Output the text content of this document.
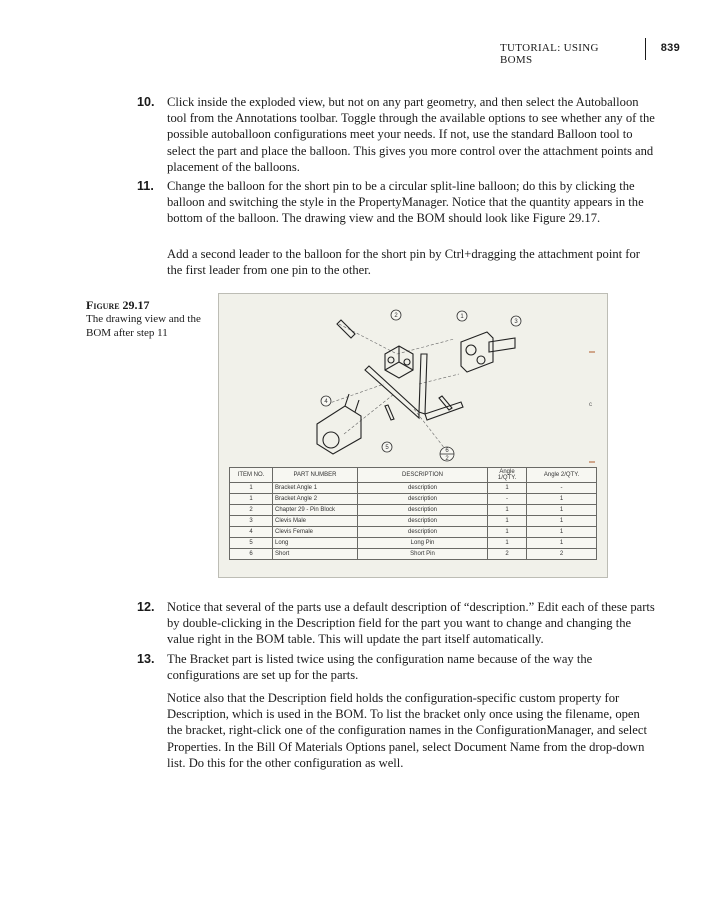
TUTORIAL: USING BOMS
839
10. Click inside the exploded view, but not on any part geometry, and then select the Autoballoon tool from the Annotations toolbar. Toggle through the available options to see whether any of the possible autoballoon configurations meet your needs. If not, use the standard Balloon tool to select the part and place the balloon. This gives you more control over the attachment points and placement of the balloons.
11.	Change the balloon for the short pin to be a circular split-line balloon; do this by clicking the balloon and switching the style in the PropertyManager. Notice that the quantity appears in the bottom of the balloon. The drawing view and the BOM should look like Figure 29.17.
Add a second leader to the balloon for the short pin by Ctrl+dragging the attachment point for the first leader from one pin to the other.
Figure 29.17
The drawing view and the BOM after step 11
c
2	1
3
4
5	6
2
ITEM NO.	PART NUMBER	DESCRIPTION	Angle 1/QTY.	Angle 2/QTY.
1	Bracket Angle 1	description	1	-
1	Bracket Angle 2	description	-	1
2	Chapter 29 - Pin Block	description	1	1
3	Clevis Male	description	1	1
4	Clevis Female	description	1	1
5	Long	Long Pin	1	1
6	Short	Short Pin	2	2
12. Notice that several of the parts use a default description of “description.” Edit each of these parts by double-clicking in the Description field for the part you want to change and changing the value right in the BOM table. This will update the part itself automatically.
13. The Bracket part is listed twice using the configuration name because of the way the configurations are set up for the parts.
Notice also that the Description field holds the configuration-specific custom property for Description, which is used in the BOM. To list the bracket only once using the filename, open the bracket, right-click one of the configuration names in the ConfigurationManager, and select Properties. In the Bill Of Materials Options panel, select Document Name from the drop-down list. Do this for the other configuration as well.
